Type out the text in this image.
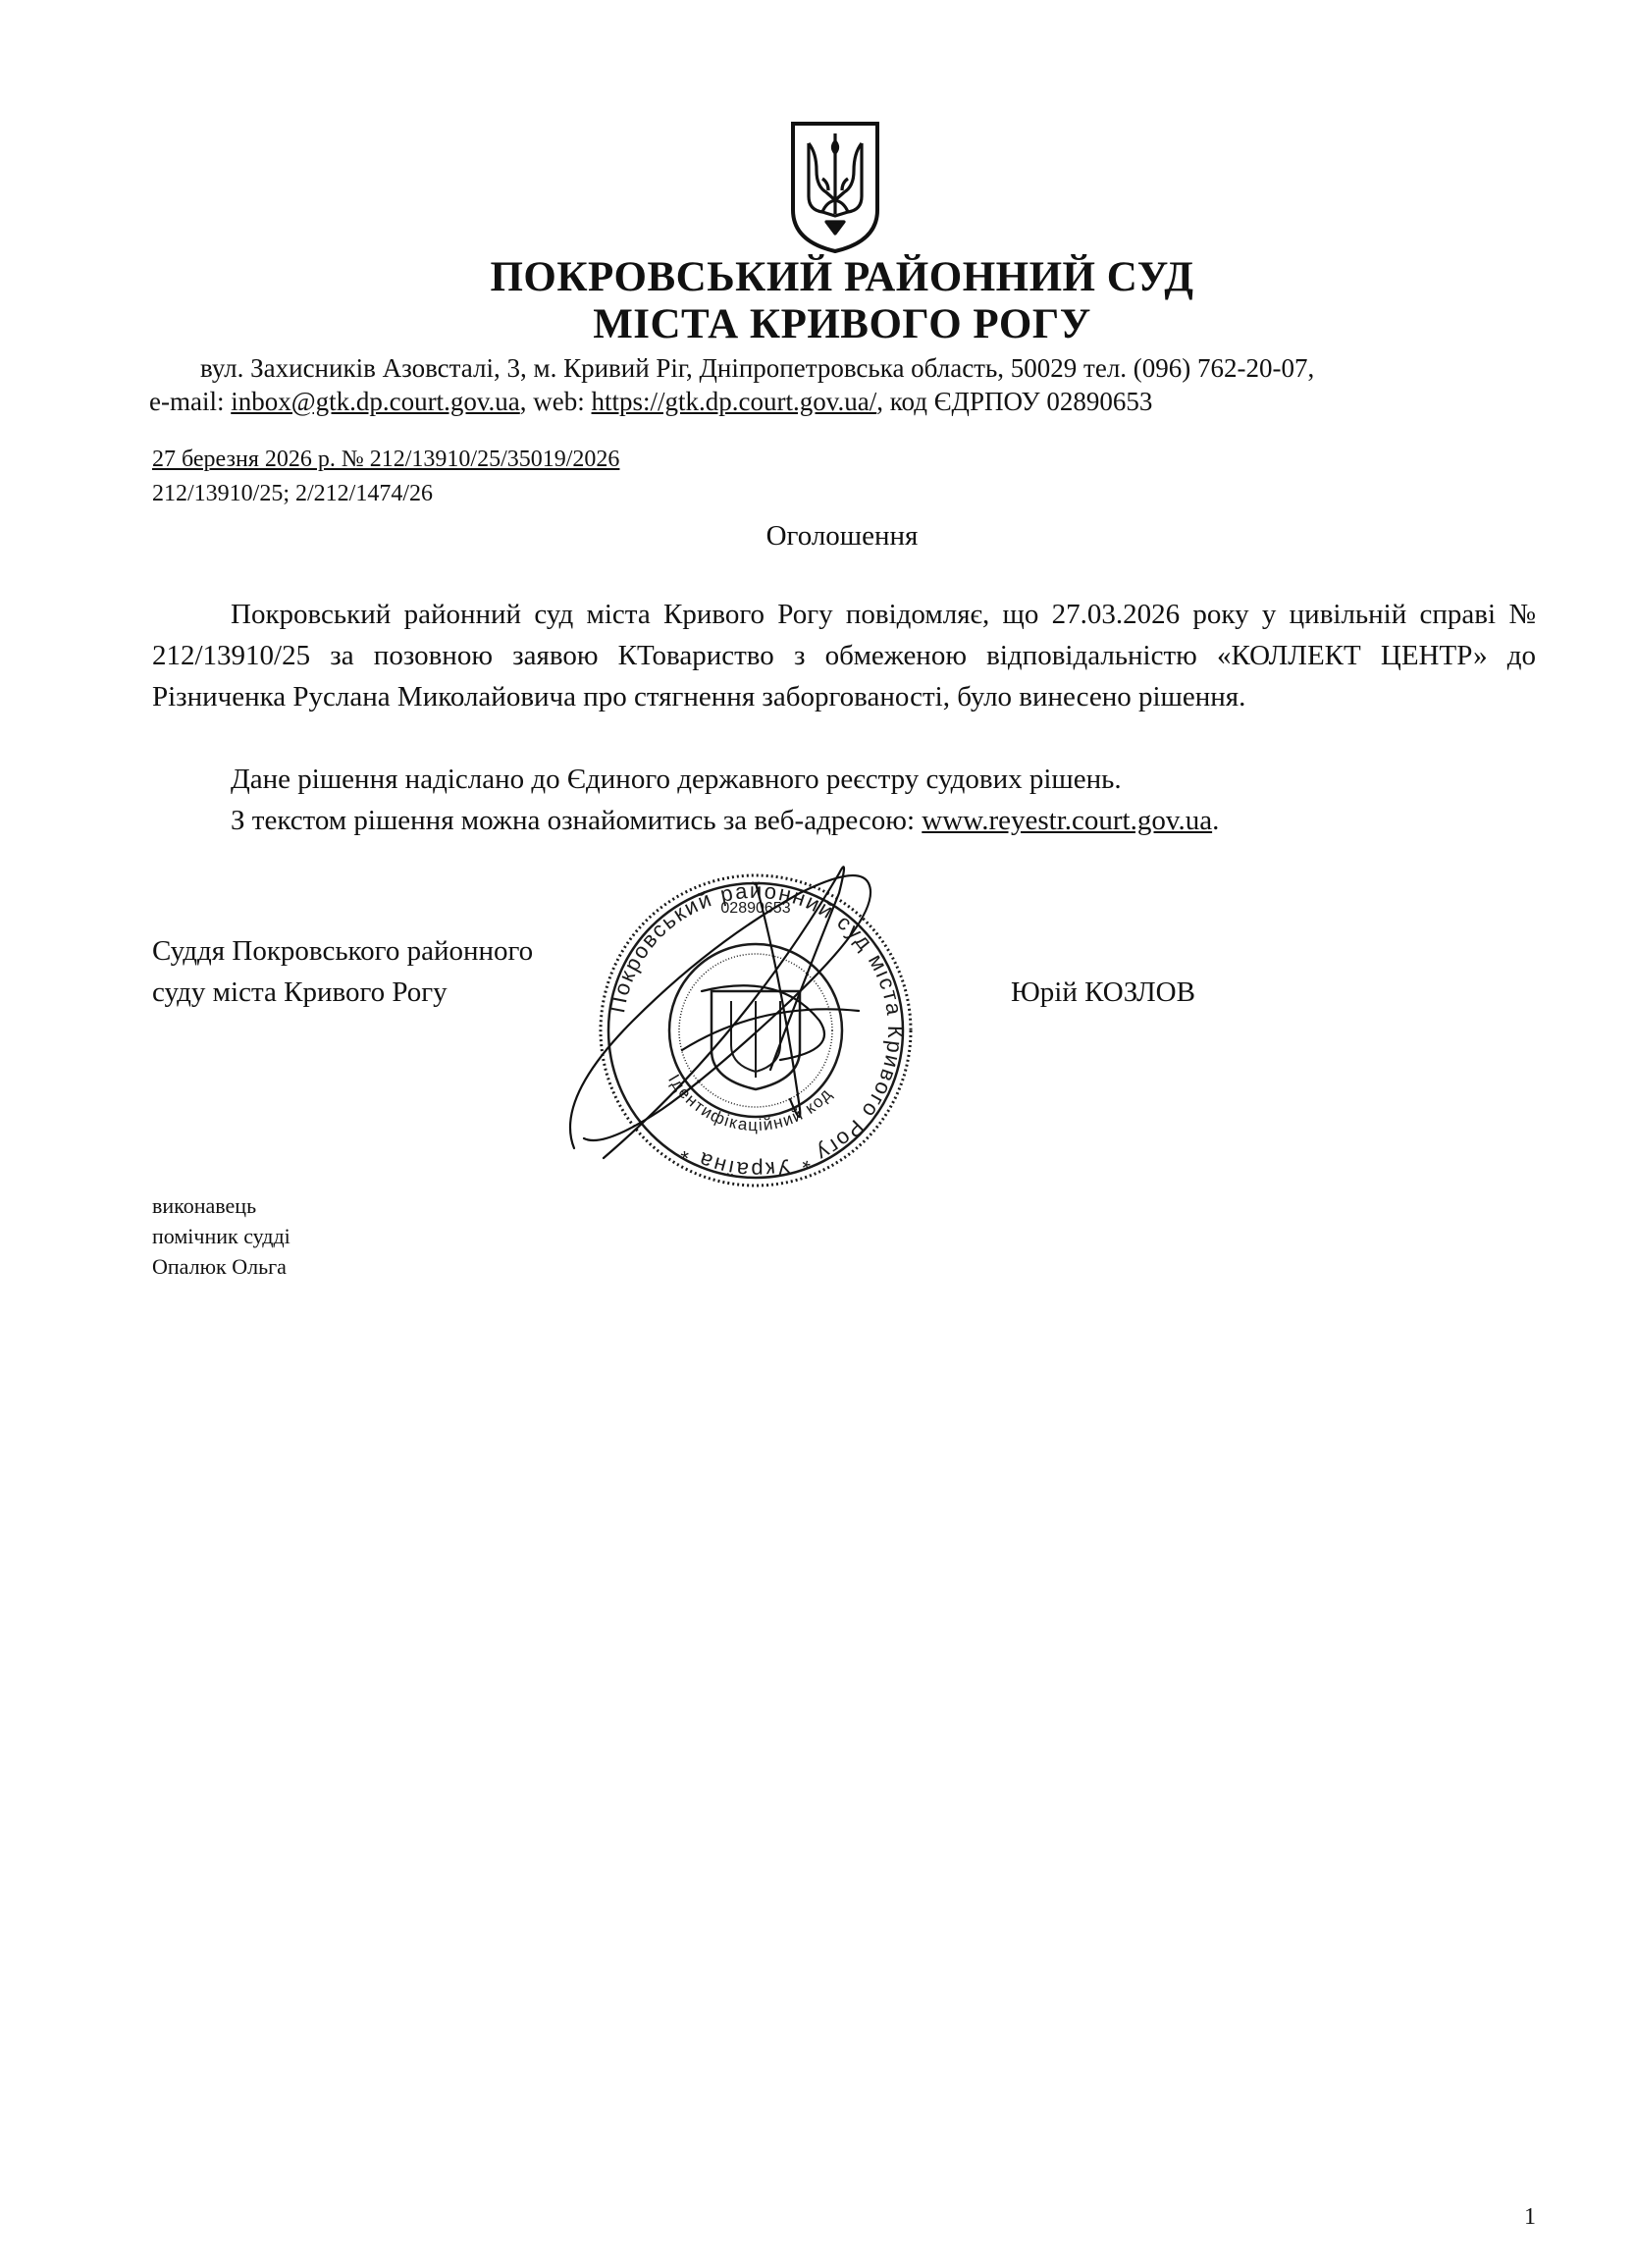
ПОКРОВСЬКИЙ РАЙОННИЙ СУД
МІСТА КРИВОГО РОГУ
вул. Захисників Азовсталі, 3, м. Кривий Ріг, Дніпропетровська область, 50029 тел. (096) 762-20-07,
e-mail: inbox@gtk.dp.court.gov.ua, web: https://gtk.dp.court.gov.ua/, код ЄДРПОУ 02890653
27 березня 2026 р. № 212/13910/25/35019/2026
212/13910/25; 2/212/1474/26
Оголошення
Покровський районний суд міста Кривого Рогу повідомляє, що 27.03.2026 року у цивільній справі № 212/13910/25 за позовною заявою КТовариство з обмеженою відповідальністю «КОЛЛЕКТ ЦЕНТР» до Різниченка Руслана Миколайовича про стягнення заборгованості, було винесено рішення.
Дане рішення надіслано до Єдиного державного реєстру судових рішень.
З текстом рішення можна ознайомитись за веб-адресою: www.reyestr.court.gov.ua.
Суддя Покровського районного
суду міста Кривого Рогу	Юрій КОЗЛОВ
Покровський районний суд міста Кривого Рогу * Україна *
Ідентифікаційний код
02890653
виконавець
помічник судді
Опалюк Ольга
1
